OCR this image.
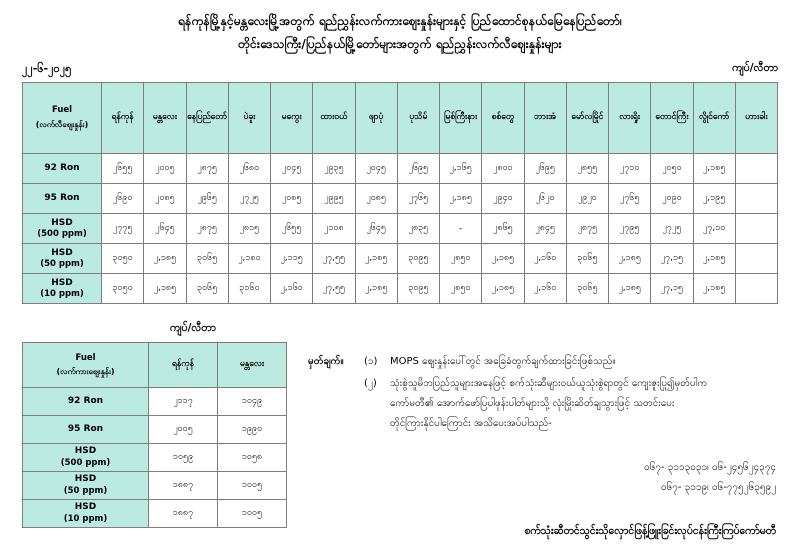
ရန်ကုန်မြို့နှင့်မန္တလေးမြို့အတွက် ရည်ညွှန်းလက်ကားဈေးနှုန်းများနှင့် ပြည်ထောင်စုနယ်မြေနေပြည်တော်၊
တိုင်းဒေသကြီး/ပြည်နယ်မြို့တော်များအတွက် ရည်ညွှန်းလက်လီဈေးနှုန်းများ
၂၂-၆-၂၀၂၅	ကျပ်/လီတာ
Fuel
(လက်လီဈေးနှုန်း)	ရန်ကုန်	မန္တလေး	နေပြည်တော်	ပဲခူး	မကွေး	ထားဝယ်	ဖျာပုံ	ပုသိမ်	မြစ်ကြီးနား	စစ်တွေ	ဘားအံ	မော်လမြိုင်	လားရှိုး	တောင်ကြီး	လွိုင်ကော်	ဟားခါး
92 Ron	၂၆၅၅	၂၀၀၅	၂၈၇၅	၂၆၈၀	၂၀၄၅	၂၉၃၅	၂၀၄၅	၂၆၉၅	၂,၁၆၅	၂၈၀၀	၂၆၉၅	၂၈၅၅	၂၇၁၀	၂၀၅၀	၂,၁၈၅	
95 Ron	၂၆၉၀	၂၀၈၅	၂၉၆၅	၂၇၂၅	၂၀၈၅	၂၉၉၅	၂၀၈၅	၂၇၆၅	၂,၁၈၅	၂၉၄၀	၂၆၂၀	၂၉၂၀	၂၇၆၅	၂၀၉၀	၂,၁၉၅	
HSD
(500 ppm)	၂၇၇၅	၂၆၄၅	၂၈၇၅	၂၈၁၅	၂၆၅၅	၂၁၀၈	၂၆၄၅	၂၈၃၅	-	၂၈၆၅	၂၈၄၅	၂၈၇၅	၂၇၉၅	၂၇၂၅	၂၇,၁၀	
HSD
(50 ppm)	၃၀၅၀	၂,၁၈၅	၃၀၆၅	၂,၁၈၀	၂,၁၁၅	၂၇,၅၅	၂,၁၈၅	၃၀၉၅	၂၈၅၀	၂,၁၈၅	၂,၁၆၀	၃၀၆၅	၂,၁၈၅	၂၇,၁၅	၂,၁၈၅	
HSD
(10 ppm)	၃၀၅၀	၂,၁၈၅	၃၀၆၅	၃၁၆၀	၂,၁၆၀	၂၇,၅၅	၂,၁၈၅	၃၀၉၅	၂၈၅၀	၂,၁၈၅	၂,၁၆၀	၃၀၆၅	၂,၁၈၅	၂၇,၁၅	၂,၁၈၅	
ကျပ်/လီတာ
Fuel
(လက်ကားဈေးနှုန်း)	ရန်ကုန်	မန္တလေး
92 Ron	၂၁၁၇	၁၀၄၉
95 Ron	၂၀၀၅	၁၉၉၀
HSD
(500 ppm)	၁၀၅၉	၁၀၅၈
HSD
(50 ppm)	၁၈၈၇	၁၀၀၅
HSD
(10 ppm)	၁၈၈၇	၁၀၀၅
မှတ်ချက်။	(၁)	MOPS ဈေးနှုန်းပေါ်တွင် အခြေခံတွက်ချက်ထားခြင်းဖြစ်သည်။
(၂)	သုံးစွဲသူမိဘပြည်သူများအနေဖြင့် စက်သုံးဆီများဝယ်ယူသုံးစွဲရာတွင် ကျေးဇူးပြု၍မှတ်ပါက
ကော်မတီ၏ အောက်ဖော်ပြပါဖုန်းပါတ်များသို့ လုံးမြိုးဆိတ်ချသွားဖြင့် သတင်းပေး
တိုင်ကြားနိုင်ပါကြောင်း အသိပေးအပ်ပါသည်-
၀၆၇- ၃၁၁၃၀၃၁၊ ၀၆-၂၄၅၆၂၄၃၇၄
၀၆၇- ၃၁၁၉၊ ၀၆-၇၇၅၂၆၃၅၉၂
စက်သုံးဆီတင်သွင်းသိုလှောင်ဖြန့်ဖြူးခြင်းလုပ်ငန်းကြီးကြပ်ကော်မတီ
